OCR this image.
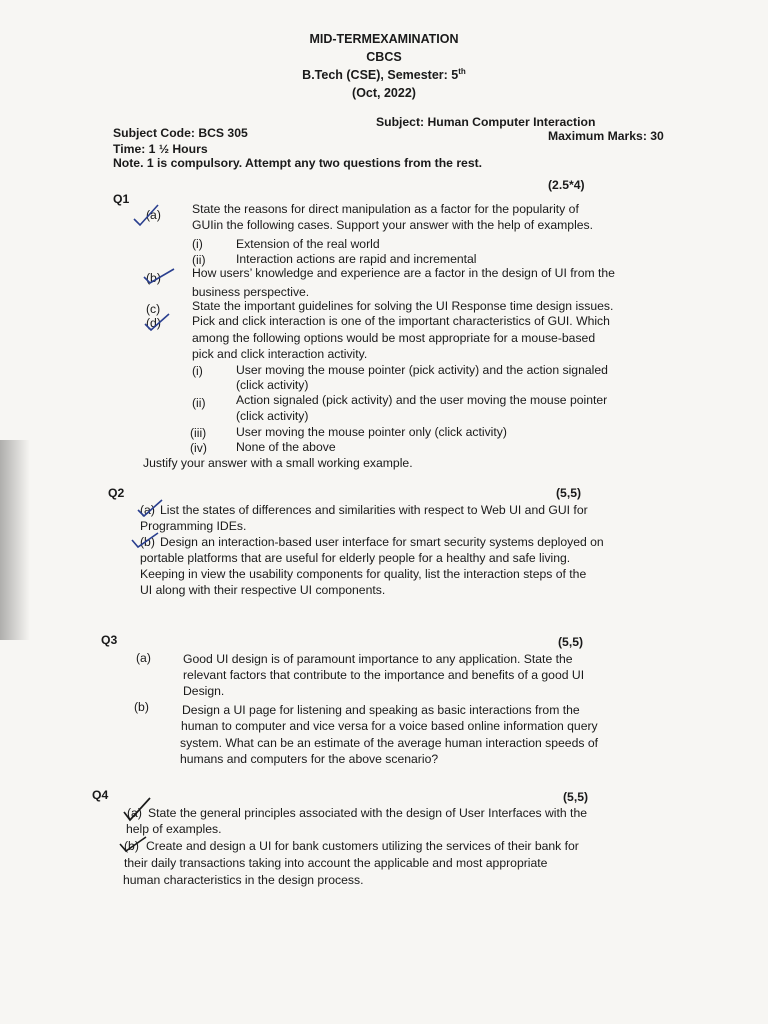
MID-TERMEXAMINATION
CBCS
B.Tech (CSE), Semester: 5th
(Oct, 2022)
Subject Code: BCS 305
Subject: Human Computer Interaction
Maximum Marks: 30
Time: 1 ½ Hours
Note. 1 is compulsory. Attempt any two questions from the rest.
(2.5*4)
Q1
(a)	State the reasons for direct manipulation as a factor for the popularity of
GUIin the following cases. Support your answer with the help of examples.
(i)	Extension of the real world
(ii) Interaction actions are rapid and incremental
(b)	How users’ knowledge and experience are a factor in the design of UI from the
business perspective.
(c)	State the important guidelines for solving the UI Response time design issues.
(d)	Pick and click interaction is one of the important characteristics of GUI. Which
among the following options would be most appropriate for a mouse-based
pick and click interaction activity.
(i)	User moving the mouse pointer (pick activity) and the action signaled
(click activity)
(ii) Action signaled (pick activity) and the user moving the mouse pointer
(click activity)
(iii) User moving the mouse pointer only (click activity)
(iv) None of the above
Justify your answer with a small working example.
Q2	(5,5)
(a) List the states of differences and similarities with respect to Web UI and GUI for
Programming IDEs.
(b) Design an interaction-based user interface for smart security systems deployed on
portable platforms that are useful for elderly people for a healthy and safe living.
Keeping in view the usability components for quality, list the interaction steps of the
UI along with their respective UI components.
Q3	(5,5)
(a)	Good UI design is of paramount importance to any application. State the
relevant factors that contribute to the importance and benefits of a good UI
Design.
(b)	Design a UI page for listening and speaking as basic interactions from the
human to computer and vice versa for a voice based online information query
system. What can be an estimate of the average human interaction speeds of
humans and computers for the above scenario?
Q4	(5,5)
(a) State the general principles associated with the design of User Interfaces with the
help of examples.
(b) Create and design a UI for bank customers utilizing the services of their bank for
their daily transactions taking into account the applicable and most appropriate
human characteristics in the design process.
